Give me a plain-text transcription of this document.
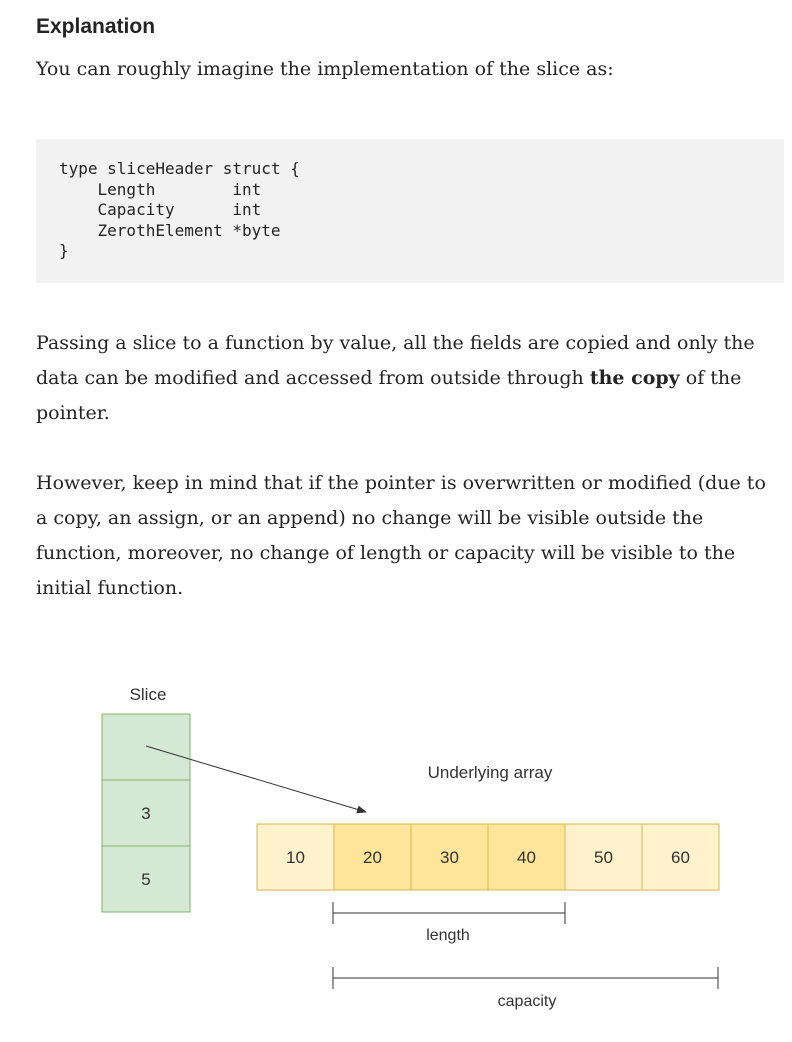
Explanation

You can roughly imagine the implementation of the slice as:

type sliceHeader struct {
Length        int
Capacity      int
ZerothElement *byte
}

Passing a slice to a function by value, all the fields are copied and only the data can be modified and accessed from outside through the copy of the pointer.

However, keep in mind that if the pointer is overwritten or modified (due to a copy, an assign, or an append) no change will be visible outside the function, moreover, no change of length or capacity will be visible to the initial function.

Slice
3
5
Underlying array
10	20	30	40	50	60
length
capacity
